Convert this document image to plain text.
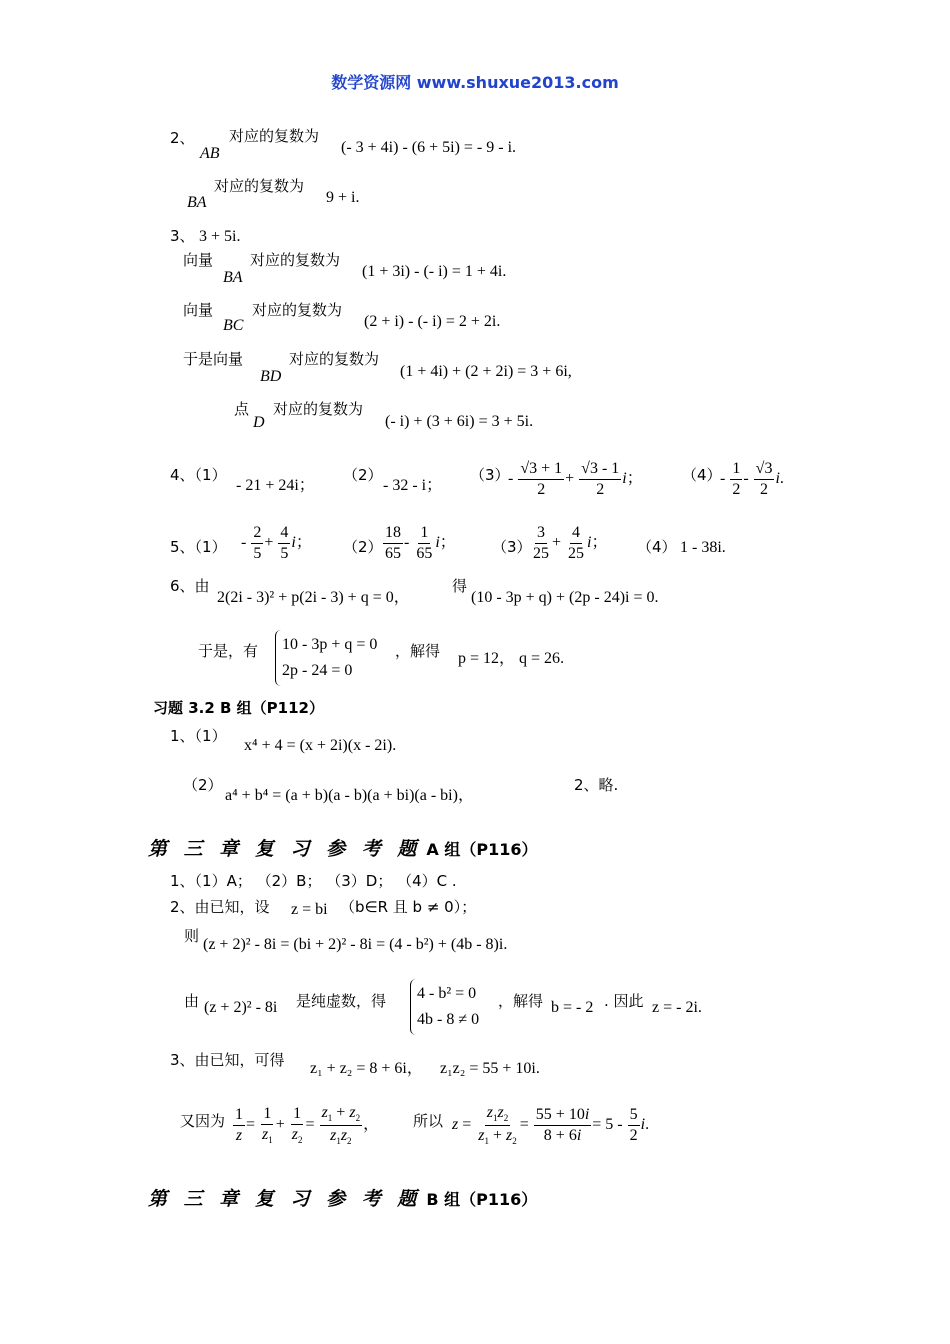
数学资源网 www.shuxue2013.com
2、
AB
对应的复数为
(- 3 + 4i) - (6 + 5i) = - 9 - i.
BA
对应的复数为
9 + i.
3、 3 + 5i.
向量
BA
对应的复数为
(1 + 3i) - (- i) = 1 + 4i.
向量
BC
对应的复数为
(2 + i) - (- i) = 2 + 2i.
于是向量
BD
对应的复数为
(1 + 4i) + (2 + 2i) = 3 + 6i,
点
D
对应的复数为
(- i) + (3 + 6i) = 3 + 5i.
4、（1）
- 21 + 24i；
（2）
- 32 - i；
（3）
- $\frac{√3 + 1}{2} + \frac{√3 - 1}{2}$ i；	（4）
- $\frac{1}{2} - \frac{√3}{2} i$.
5、$(1) - \frac{2}{5} + \frac{4}{5}$ i； $(2) \frac{18}{65} - \frac{1}{65}$ i； $(3) \frac{3}{25} + \frac{4}{25}$ i； （4） 1 - 38i.
6、由
2(2i - 3)² + p(2i - 3) + q = 0，
得
(10 - 3p + q) + (2p - 24)i = 0.
于是，有 10 - 3p + q = 0
2p - 24 = 0
，解得 p = 12， q = 26.
习题 3.2 B 组（P112）
1、（1）
x⁴ + 4 = (x + 2i)(x - 2i).
（2）
a⁴ + b⁴ = (a + b)(a - b)(a + bi)(a - bi)，
2、略.
第 三 章 复 习 参 考 题 A 组（P116）
1、（1）A； （2）B； （3）D； （4）C .
2、由已知，设 z = bi （b∈R 且 b ≠ 0）；
则 (z + 2)² - 8i = (bi + 2)² - 8i = (4 - b²) + (4b - 8)i.
由 (z + 2)² - 8i 是纯虚数，得 4 - b² = 0
4b - 8 ≠ 0
，解得 b = - 2 . 因此 z = - 2i.
3、由已知，可得 z₁ + z₂ = 8 + 6i， z₁z₂ = 55 + 10i.
又因为 $\frac{1}{z} = \frac{1}{z_1} + \frac{1}{z_2} = \frac{z_1 + z_2}{z_1z_2}$ ， 所以 $z = \frac{z_1z_2}{z_1 + z_2} = \frac{55 + 10i}{8 + 6i} = 5 - \frac{5}{2} i$.
第 三 章 复 习 参 考 题 B 组（P116）
